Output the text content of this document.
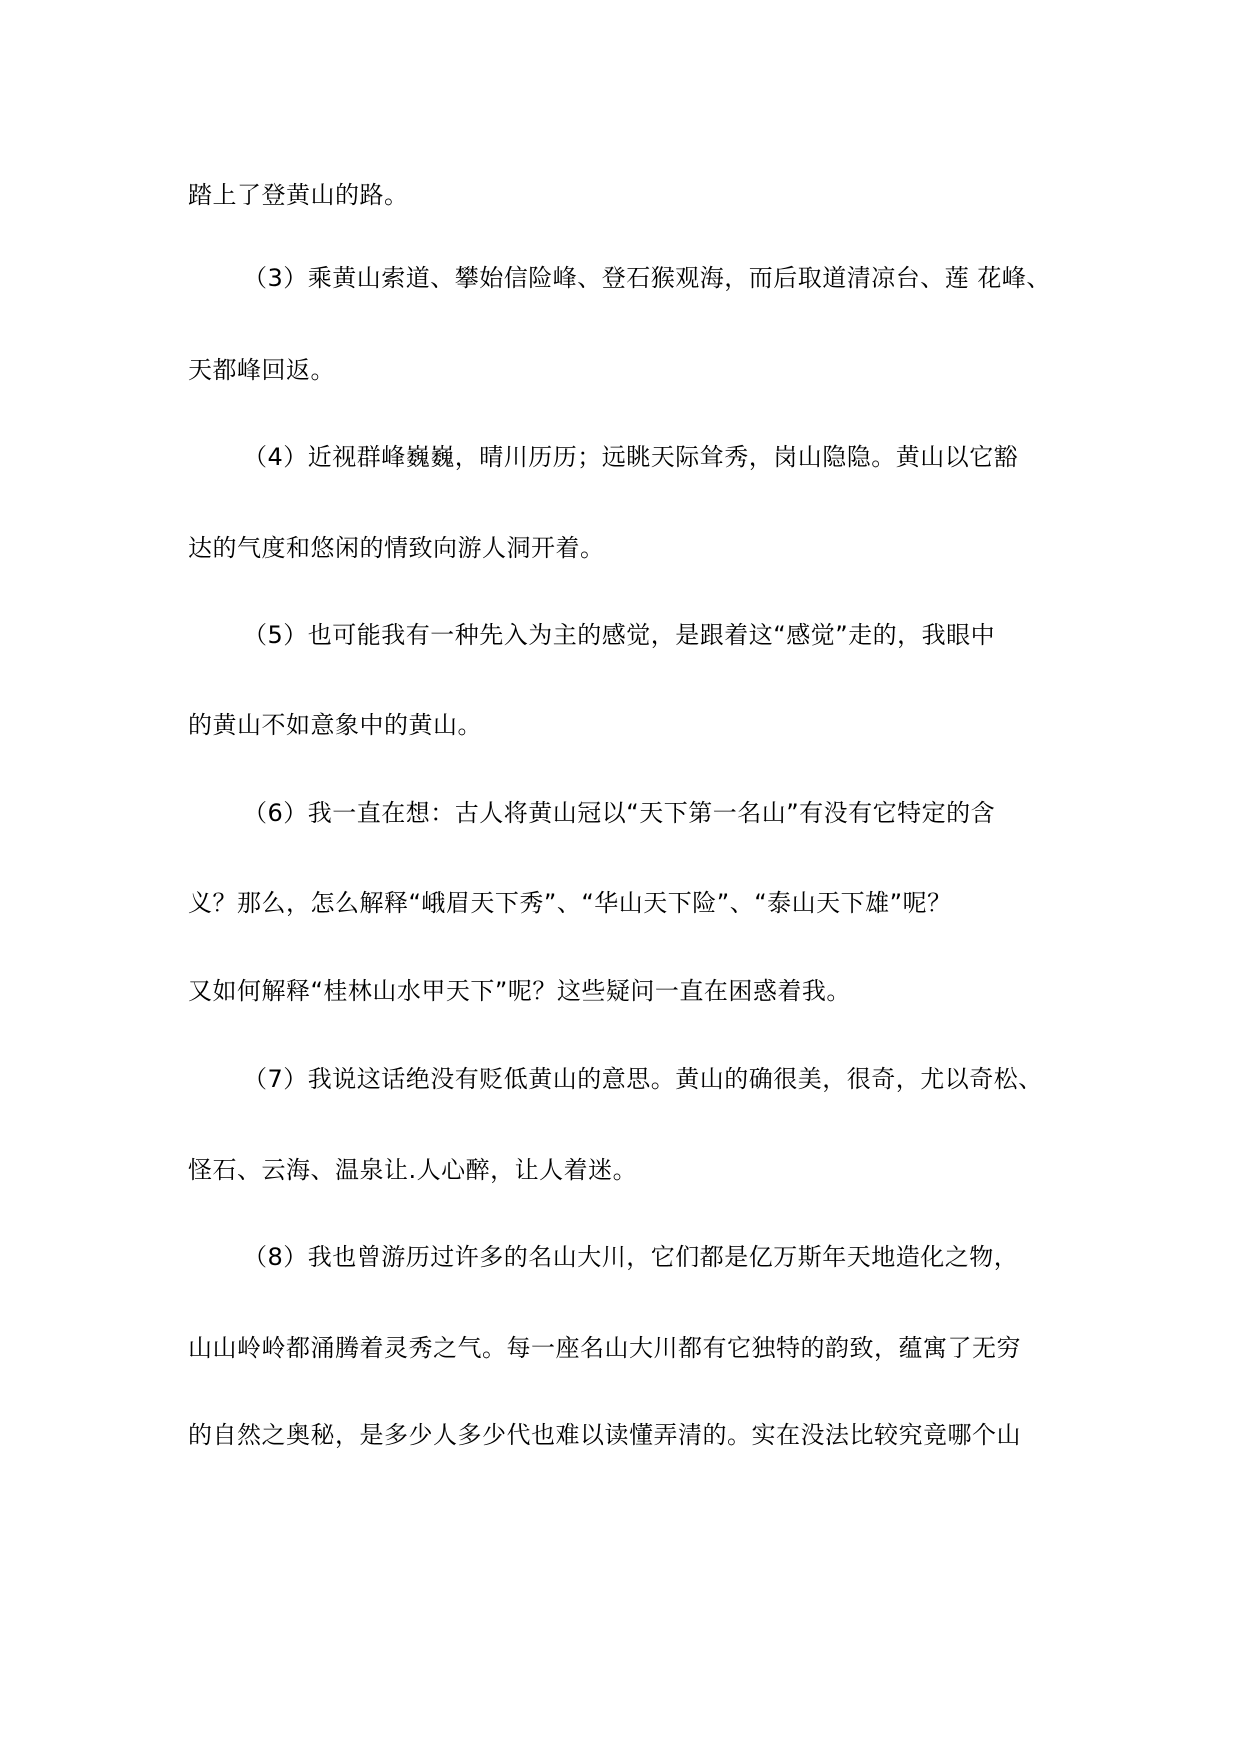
踏上了登黄山的路。
（3）乘黄山索道、攀始信险峰、登石猴观海，而后取道清凉台、莲 花峰、
天都峰回返。
（4）近视群峰巍巍，晴川历历；远眺天际耸秀，岗山隐隐。黄山以它豁
达的气度和悠闲的情致向游人洞开着。
（5）也可能我有一种先入为主的感觉，是跟着这“感觉”走的，我眼中
的黄山不如意象中的黄山。
（6）我一直在想：古人将黄山冠以“天下第一名山”有没有它特定的含
义？那么，怎么解释“峨眉天下秀”、“华山天下险”、“泰山天下雄”呢？
又如何解释“桂林山水甲天下”呢？这些疑问一直在困惑着我。
（7）我说这话绝没有贬低黄山的意思。黄山的确很美，很奇，尤以奇松、
怪石、云海、温泉让.人心醉，让人着迷。
（8）我也曾游历过许多的名山大川，它们都是亿万斯年天地造化之物，
山山岭岭都涌腾着灵秀之气。每一座名山大川都有它独特的韵致，蕴寓了无穷
的自然之奥秘，是多少人多少代也难以读懂弄清的。实在没法比较究竟哪个山
